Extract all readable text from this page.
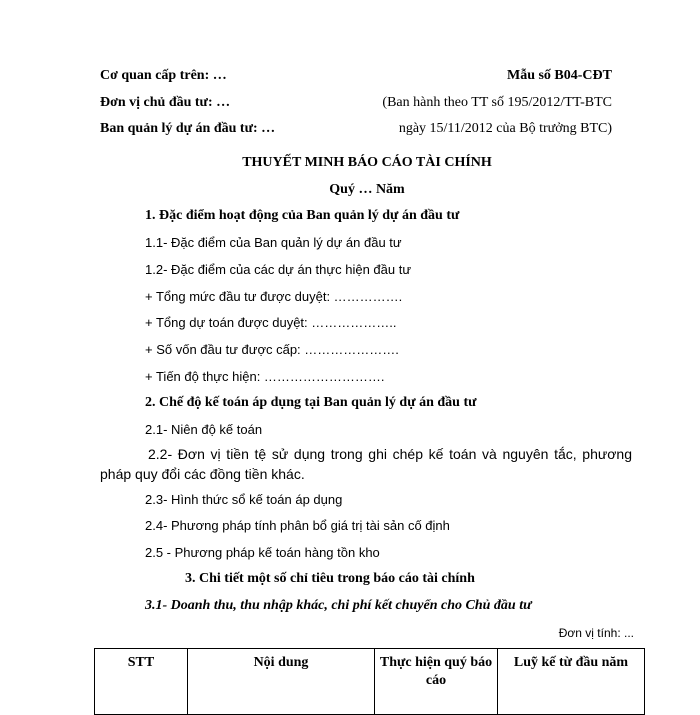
Cơ quan cấp trên: …
Đơn vị chủ đầu tư: …
Ban quản lý dự án đầu tư: …
Mẫu số B04-CĐT
(Ban hành theo TT số 195/2012/TT-BTC
ngày 15/11/2012 của Bộ trưởng BTC)
THUYẾT MINH BÁO CÁO TÀI CHÍNH
Quý … Năm
1. Đặc điểm hoạt động của Ban quản lý dự án đầu tư
1.1- Đặc điểm của Ban quản lý dự án đầu tư
1.2- Đặc điểm của các dự án thực hiện đầu tư
+ Tổng mức đầu tư được duyệt: …………….
+ Tổng dự toán được duyệt: ………………..
+ Số vốn đầu tư được cấp: ………………….
+ Tiến độ thực hiện: ……………………….
2. Chế độ kế toán áp dụng tại Ban quản lý dự án đầu tư
2.1- Niên độ kế toán
2.2- Đơn vị tiền tệ sử dụng trong ghi chép kế toán và nguyên tắc, phương pháp quy đổi các đồng tiền khác.
2.3- Hình thức sổ kế toán áp dụng
2.4- Phương pháp tính phân bổ giá trị tài sản cố định
2.5 - Phương pháp kế toán hàng tồn kho
3. Chi tiết một số chỉ tiêu trong báo cáo tài chính
3.1- Doanh thu, thu nhập khác, chi phí kết chuyển cho Chủ đầu tư
Đơn vị tính: ...
STT	Nội dung	Thực hiện quý báo cáo	Luỹ kế từ đầu năm
